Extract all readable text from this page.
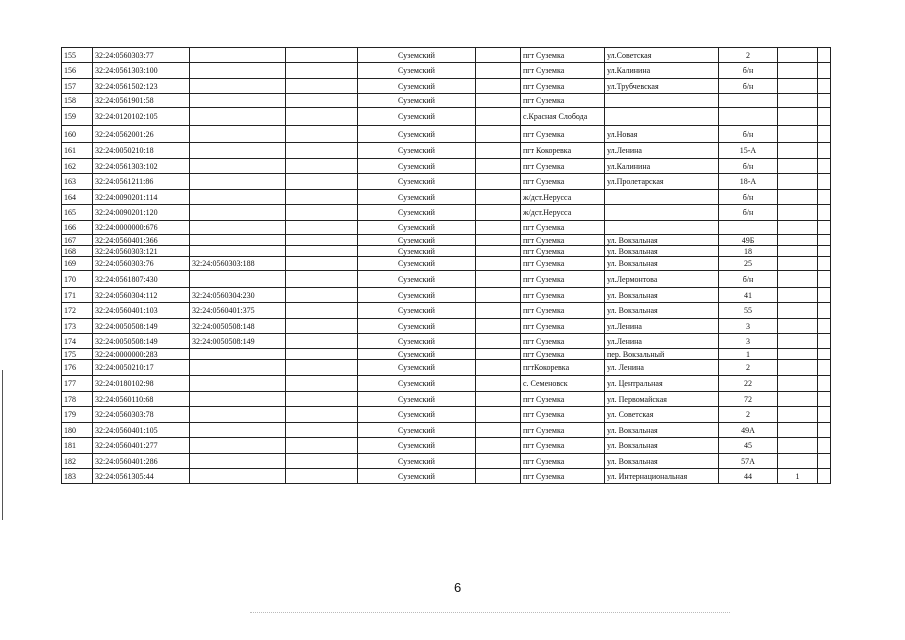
155	32:24:0560303:77			Суземский		пгт Суземка	ул.Советская	2		
156	32:24:0561303:100			Суземский		пгт Суземка	ул.Калинина	б/н		
157	32:24:0561502:123			Суземский		пгт Суземка	ул.Трубчевская	б/н		
158	32:24:0561901:58			Суземский		пгт Суземка				
159	32:24:0120102:105			Суземский		с.Красная Слобода				
160	32:24:0562001:26			Суземский		пгт Суземка	ул.Новая	б/н		
161	32:24:0050210:18			Суземский		пгт Кокоревка	ул.Ленина	15-А		
162	32:24:0561303:102			Суземский		пгт Суземка	ул.Калинина	б/н		
163	32:24:0561211:86			Суземский		пгт Суземка	ул.Пролетарская	18-А		
164	32:24:0090201:114			Суземский		ж/дст.Нерусса		б/н		
165	32:24:0090201:120			Суземский		ж/дст.Нерусса		б/н		
166	32:24:0000000:676			Суземский		пгт Суземка				
167	32:24:0560401:366			Суземский		пгт Суземка	ул. Вокзальная	49Б		
168	32:24:0560303:121			Суземский		пгт Суземка	ул. Вокзальная	18		
169	32:24:0560303:76	32:24:0560303:188		Суземский		пгт Суземка	ул. Вокзальная	25		
170	32:24:0561807:430			Суземский		пгт Суземка	ул.Лермонтова	б/н		
171	32:24:0560304:112	32:24:0560304:230		Суземский		пгт Суземка	ул. Вокзальная	41		
172	32:24:0560401:103	32:24:0560401:375		Суземский		пгт Суземка	ул. Вокзальная	55		
173	32:24:0050508:149	32:24:0050508:148		Суземский		пгт Суземка	ул.Ленина	3		
174	32:24:0050508:149	32:24:0050508:149		Суземский		пгт Суземка	ул.Ленина	3		
175	32:24:0000000:283			Суземский		пгт Суземка	пер. Вокзальный	1		
176	32:24:0050210:17			Суземский		пгтКокоревка	ул. Ленина	2		
177	32:24:0180102:98			Суземский		с. Семеновск	ул. Центральная	22		
178	32:24:0560110:68			Суземский		пгт Суземка	ул. Первомайская	72		
179	32:24:0560303:78			Суземский		пгт Суземка	ул. Советская	2		
180	32:24:0560401:105			Суземский		пгт Суземка	ул. Вокзальная	49А		
181	32:24:0560401:277			Суземский		пгт Суземка	ул. Вокзальная	45		
182	32:24:0560401:286			Суземский		пгт Суземка	ул. Вокзальная	57А		
183	32:24:0561305:44			Суземский		пгт Суземка	ул. Интернациональная	44	1	
6
